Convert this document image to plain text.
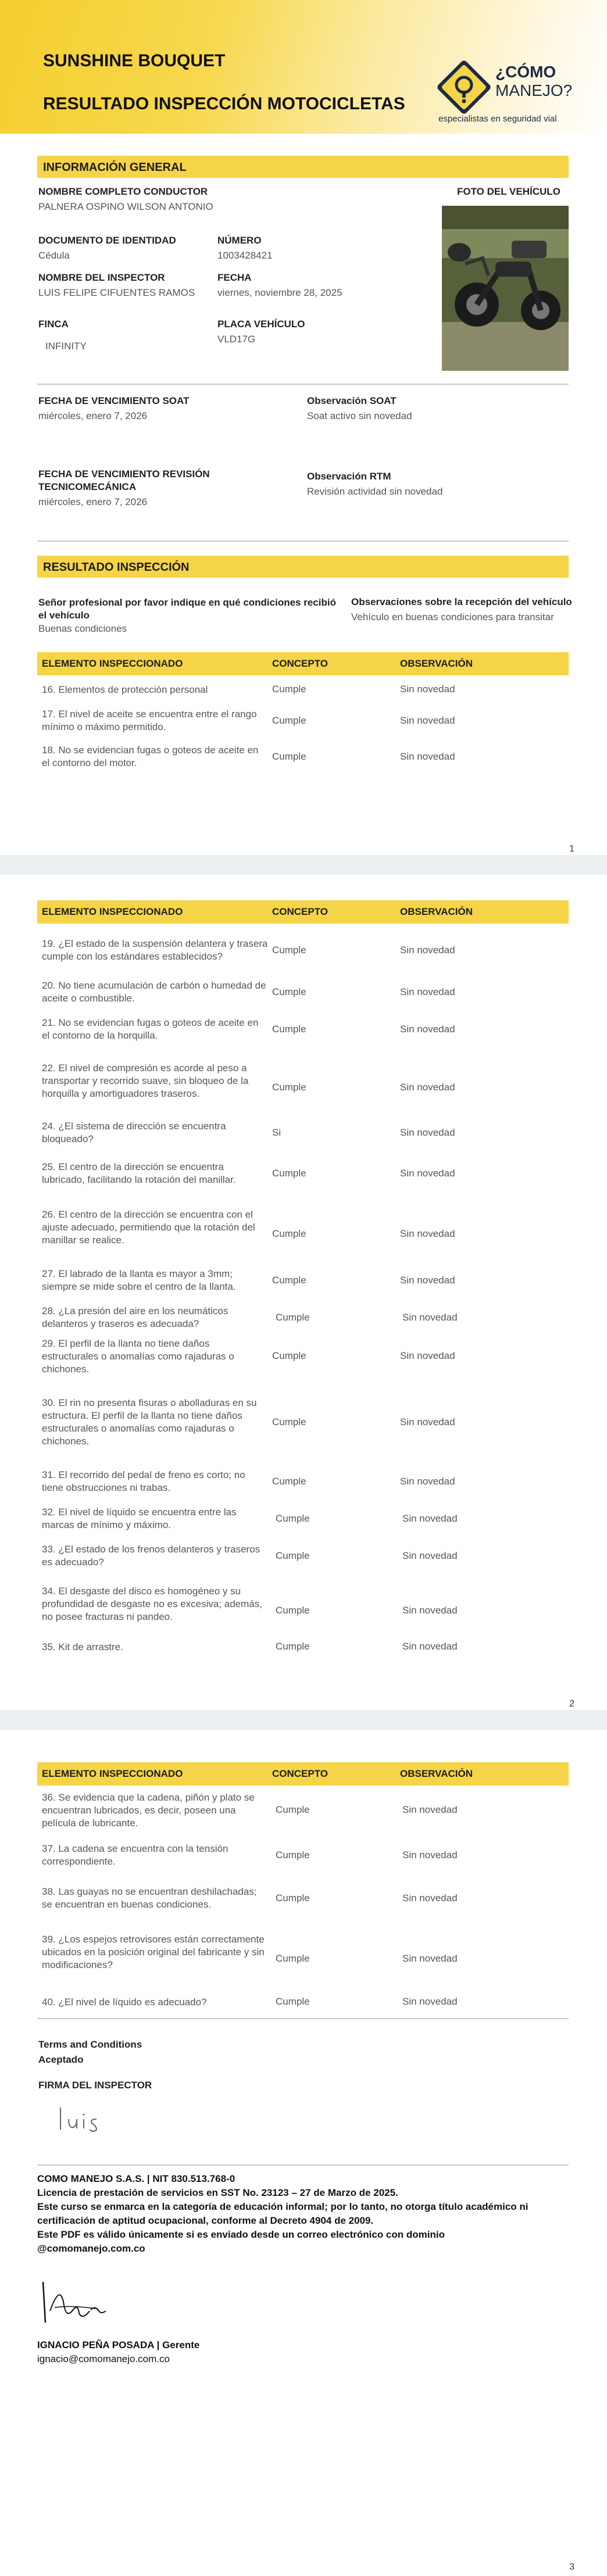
SUNSHINE BOUQUET
RESULTADO INSPECCIÓN MOTOCICLETAS
¿CÓMO
MANEJO?
especialistas en seguridad vial
INFORMACIÓN GENERAL
NOMBRE COMPLETO CONDUCTOR
PALNERA OSPINO WILSON ANTONIO
FOTO DEL VEHÍCULO
DOCUMENTO DE IDENTIDAD
Cédula
NÚMERO
1003428421
NOMBRE DEL INSPECTOR
LUIS FELIPE CIFUENTES RAMOS
FECHA
viernes, noviembre 28, 2025
FINCA
INFINITY
PLACA VEHÍCULO
VLD17G
FECHA DE VENCIMIENTO SOAT
miércoles, enero 7, 2026
Observación SOAT
Soat activo sin novedad
FECHA DE VENCIMIENTO REVISIÓN
TECNICOMECÁNICA
miércoles, enero 7, 2026
Observación RTM
Revisión actividad sin novedad
RESULTADO INSPECCIÓN
Señor profesional por favor indique en qué condiciones recibió el vehículo
Buenas condiciones
Observaciones sobre la recepción del vehículo
Vehículo en buenas condiciones para transitar
ELEMENTO INSPECCIONADO	CONCEPTO	OBSERVACIÓN
16. Elementos de protección personal	Cumple	Sin novedad
17. El nivel de aceite se encuentra entre el rango mínimo o máximo permitido.
Cumple	Sin novedad
18. No se evidencian fugas o goteos de aceite en el contorno del motor.
Cumple	Sin novedad
1
ELEMENTO INSPECCIONADO	CONCEPTO	OBSERVACIÓN
19. ¿El estado de la suspensión delantera y trasera cumple con los estándares establecidos?
Cumple	Sin novedad
20. No tiene acumulación de carbón o humedad de aceite o combustible.
Cumple	Sin novedad
21. No se evidencian fugas o goteos de aceite en el contorno de la horquilla.
Cumple	Sin novedad
22. El nivel de compresión es acorde al peso a transportar y recorrido suave, sin bloqueo de la horquilla y amortiguadores traseros.
Cumple	Sin novedad
24. ¿El sistema de dirección se encuentra bloqueado?
Si	Sin novedad
25. El centro de la dirección se encuentra lubricado, facilitando la rotación del manillar.
Cumple	Sin novedad
26. El centro de la dirección se encuentra con el ajuste adecuado, permitiendo que la rotación del manillar se realice.
Cumple	Sin novedad
27. El labrado de la llanta es mayor a 3mm; siempre se mide sobre el centro de la llanta.
Cumple	Sin novedad
28. ¿La presión del aire en los neumáticos delanteros y traseros es adecuada?
Cumple	Sin novedad
29. El perfil de la llanta no tiene daños estructurales o anomalías como rajaduras o chichones.
Cumple	Sin novedad
30. El rin no presenta fisuras o abolladuras en su estructura. El perfil de la llanta no tiene daños estructurales o anomalías como rajaduras o chichones.
Cumple	Sin novedad
31. El recorrido del pedal de freno es corto; no tiene obstrucciones ni trabas.
Cumple	Sin novedad
32. El nivel de líquido se encuentra entre las marcas de mínimo y máximo.
Cumple	Sin novedad
33. ¿El estado de los frenos delanteros y traseros es adecuado?
Cumple	Sin novedad
34. El desgaste del disco es homogéneo y su profundidad de desgaste no es excesiva; además, no posee fracturas ni pandeo.
Cumple	Sin novedad
35. Kit de arrastre.	Cumple	Sin novedad
2
ELEMENTO INSPECCIONADO	CONCEPTO	OBSERVACIÓN
36. Se evidencia que la cadena, piñón y plato se encuentran lubricados, es decir, poseen una película de lubricante.
Cumple	Sin novedad
37. La cadena se encuentra con la tensión correspondiente.
Cumple	Sin novedad
38. Las guayas no se encuentran deshilachadas; se encuentran en buenas condiciones.
Cumple	Sin novedad
39. ¿Los espejos retrovisores están correctamente ubicados en la posición original del fabricante y sin modificaciones?
Cumple	Sin novedad
40. ¿El nivel de líquido es adecuado?	Cumple	Sin novedad
Terms and Conditions
Aceptado
FIRMA DEL INSPECTOR
COMO MANEJO S.A.S. | NIT 830.513.768-0
Licencia de prestación de servicios en SST No. 23123 – 27 de Marzo de 2025.
Este curso se enmarca en la categoría de educación informal; por lo tanto, no otorga título académico ni
certificación de aptitud ocupacional, conforme al Decreto 4904 de 2009.
Este PDF es válido únicamente si es enviado desde un correo electrónico con dominio
@comomanejo.com.co
IGNACIO PEÑA POSADA | Gerente
ignacio@comomanejo.com.co
3
